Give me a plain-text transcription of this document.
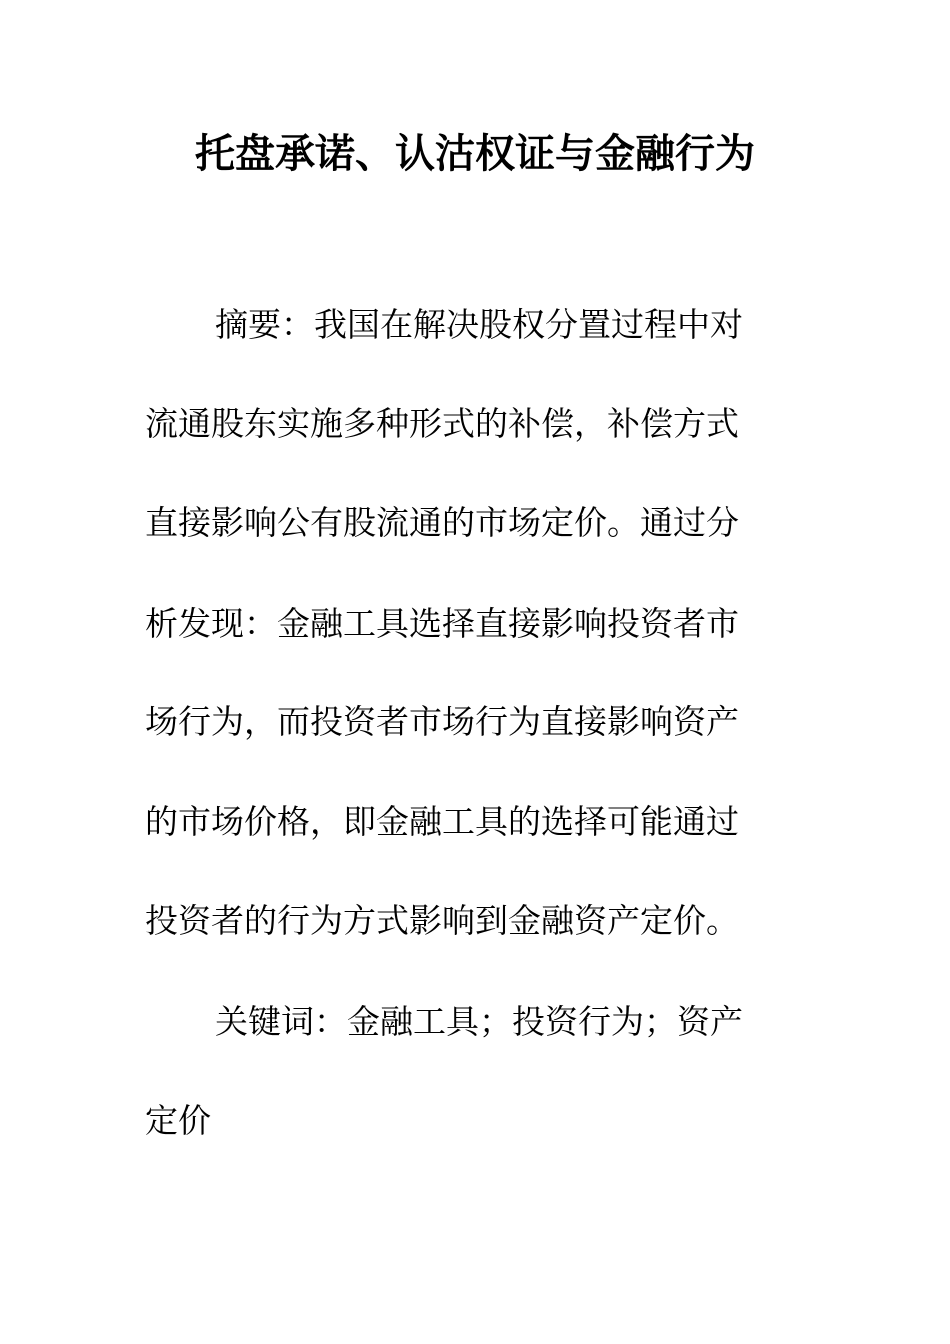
托盘承诺、认沽权证与金融行为
摘要：我国在解决股权分置过程中对
流通股东实施多种形式的补偿，补偿方式
直接影响公有股流通的市场定价。通过分
析发现：金融工具选择直接影响投资者市
场行为，而投资者市场行为直接影响资产
的市场价格，即金融工具的选择可能通过
投资者的行为方式影响到金融资产定价。
关键词：金融工具；投资行为；资产
定价
